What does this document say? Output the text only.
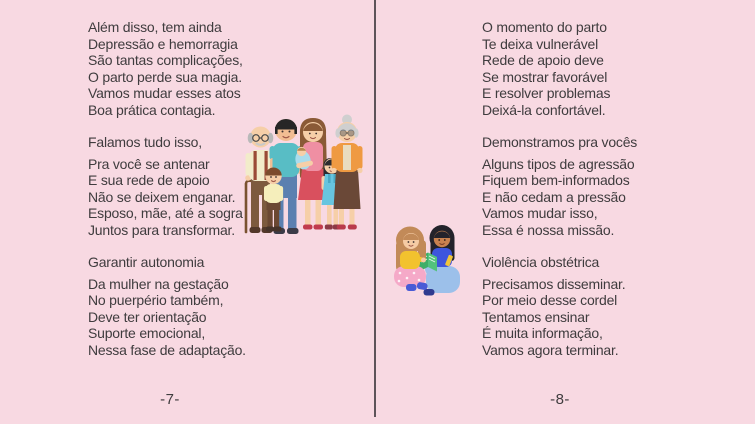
Além disso, tem ainda

Depressão e hemorragia

São tantas complicações,

O parto perde sua magia.

Vamos mudar esses atos

Boa prática contagia.

Falamos tudo isso,

Pra você se antenar

E sua rede de apoio

Não se deixem enganar.

Esposo, mãe, até a sogra

Juntos para transformar.

Garantir autonomia

Da mulher na gestação

No puerpério também,

Deve ter orientação

Suporte emocional,

Nessa fase de adaptação.

O momento do parto

Te deixa vulnerável

Rede de apoio deve

Se mostrar favorável

E resolver problemas

Deixá-la confortável.

Demonstramos pra vocês

Alguns tipos de agressão

Fiquem bem-informados

E não cedam a pressão

Vamos mudar isso,

Essa é nossa missão.

Violência obstétrica

Precisamos disseminar.

Por meio desse cordel

Tentamos ensinar

É muita informação,

Vamos agora terminar.

-7-	-8-
